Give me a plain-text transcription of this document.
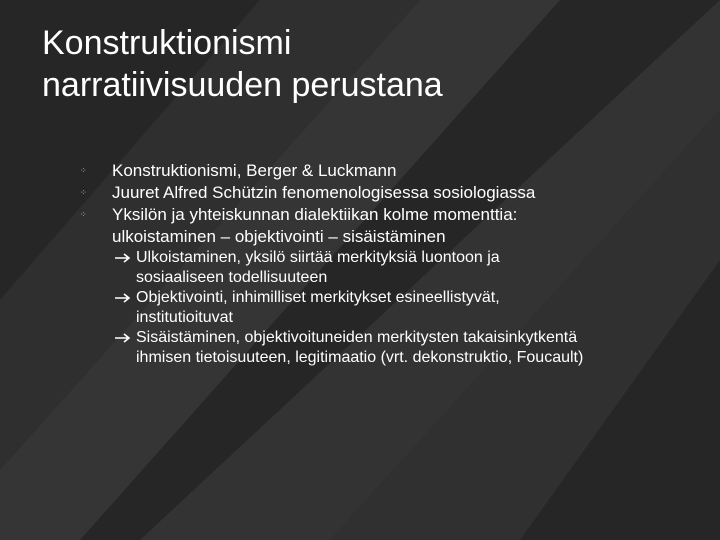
Konstruktionismi
narratiivisuuden perustana
⁘ Konstruktionismi, Berger & Luckmann
⁘ Juuret Alfred Schützin fenomenologisessa sosiologiassa
⁘ Yksilön ja yhteiskunnan dialektiikan kolme momenttia:
ulkoistaminen – objektivointi – sisäistäminen
Ulkoistaminen, yksilö siirtää merkityksiä luontoon ja
sosiaaliseen todellisuuteen
Objektivointi, inhimilliset merkitykset esineellistyvät,
institutioituvat
Sisäistäminen, objektivoituneiden merkitysten takaisinkytkentä
ihmisen tietoisuuteen, legitimaatio (vrt. dekonstruktio, Foucault)
